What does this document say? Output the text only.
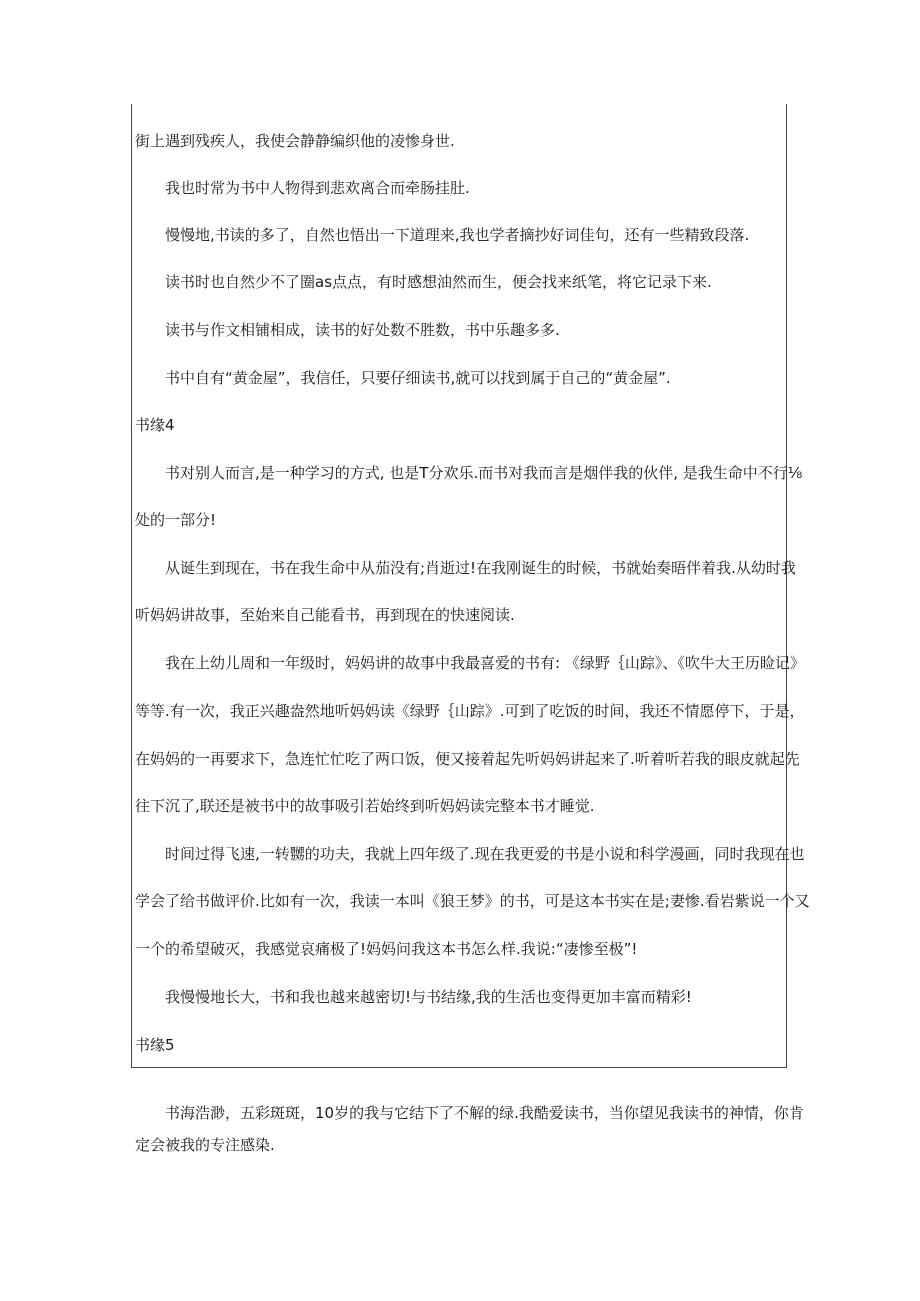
街上遇到残疾人，我使会静静编织他的凌惨身世.
我也时常为书中人物得到悲欢离合而牵肠挂肚.
慢慢地,书读的多了，自然也悟出一下道理来,我也学者摘抄好词佳句，还有一些精致段落.
读书时也自然少不了圈as点点，有时感想油然而生，便会找来纸笔，将它记录下来.
读书与作文相铺相成，读书的好处数不胜数，书中乐趣多多.
书中自有“黄金屋”，我信任，只要仔细读书,就可以找到属于自己的“黄金屋”.
书缘4
书对别人而言,是一种学习的方式, 也是T分欢乐.而书对我而言是烟伴我的伙伴, 是我生命中不行⅛
处的一部分!
从诞生到现在，书在我生命中从茄没有;肖逝过!在我刚诞生的时候，书就始奏晤伴着我.从幼时我
听妈妈讲故事，至始来自己能看书，再到现在的快速阅读.
我在上幼儿周和一年级时，妈妈讲的故事中我最喜爱的书有: 《绿野｛山踪》、《吹牛大王历睑记》
等等.有一次，我正兴趣盎然地听妈妈读《绿野｛山踪》.可到了吃饭的时间，我还不情愿停下，于是，
在妈妈的一再要求下，急连忙忙吃了两口饭，便又接着起先听妈妈讲起来了.听着听若我的眼皮就起先
往下沉了,联还是被书中的故事吸引若始终到听妈妈读完整本书才睡觉.
时间过得飞速,一转嬲的功夫，我就上四年级了.现在我更爱的书是小说和科学漫画，同时我现在也
学会了给书做评价.比如有一次，我读一本叫《狼王梦》的书，可是这本书实在是;妻惨.看岩紫说一个又
一个的希望破灭，我感觉哀痛极了!妈妈问我这本书怎么样.我说:“凄惨至极”!
我慢慢地长大，书和我也越来越密切!与书结缘,我的生活也变得更加丰富而精彩!
书缘5
书海浩渺，五彩斑斑，10岁的我与它结下了不解的绿.我酷爱读书，当你望见我读书的神情，你肯
定会被我的专注感染.
